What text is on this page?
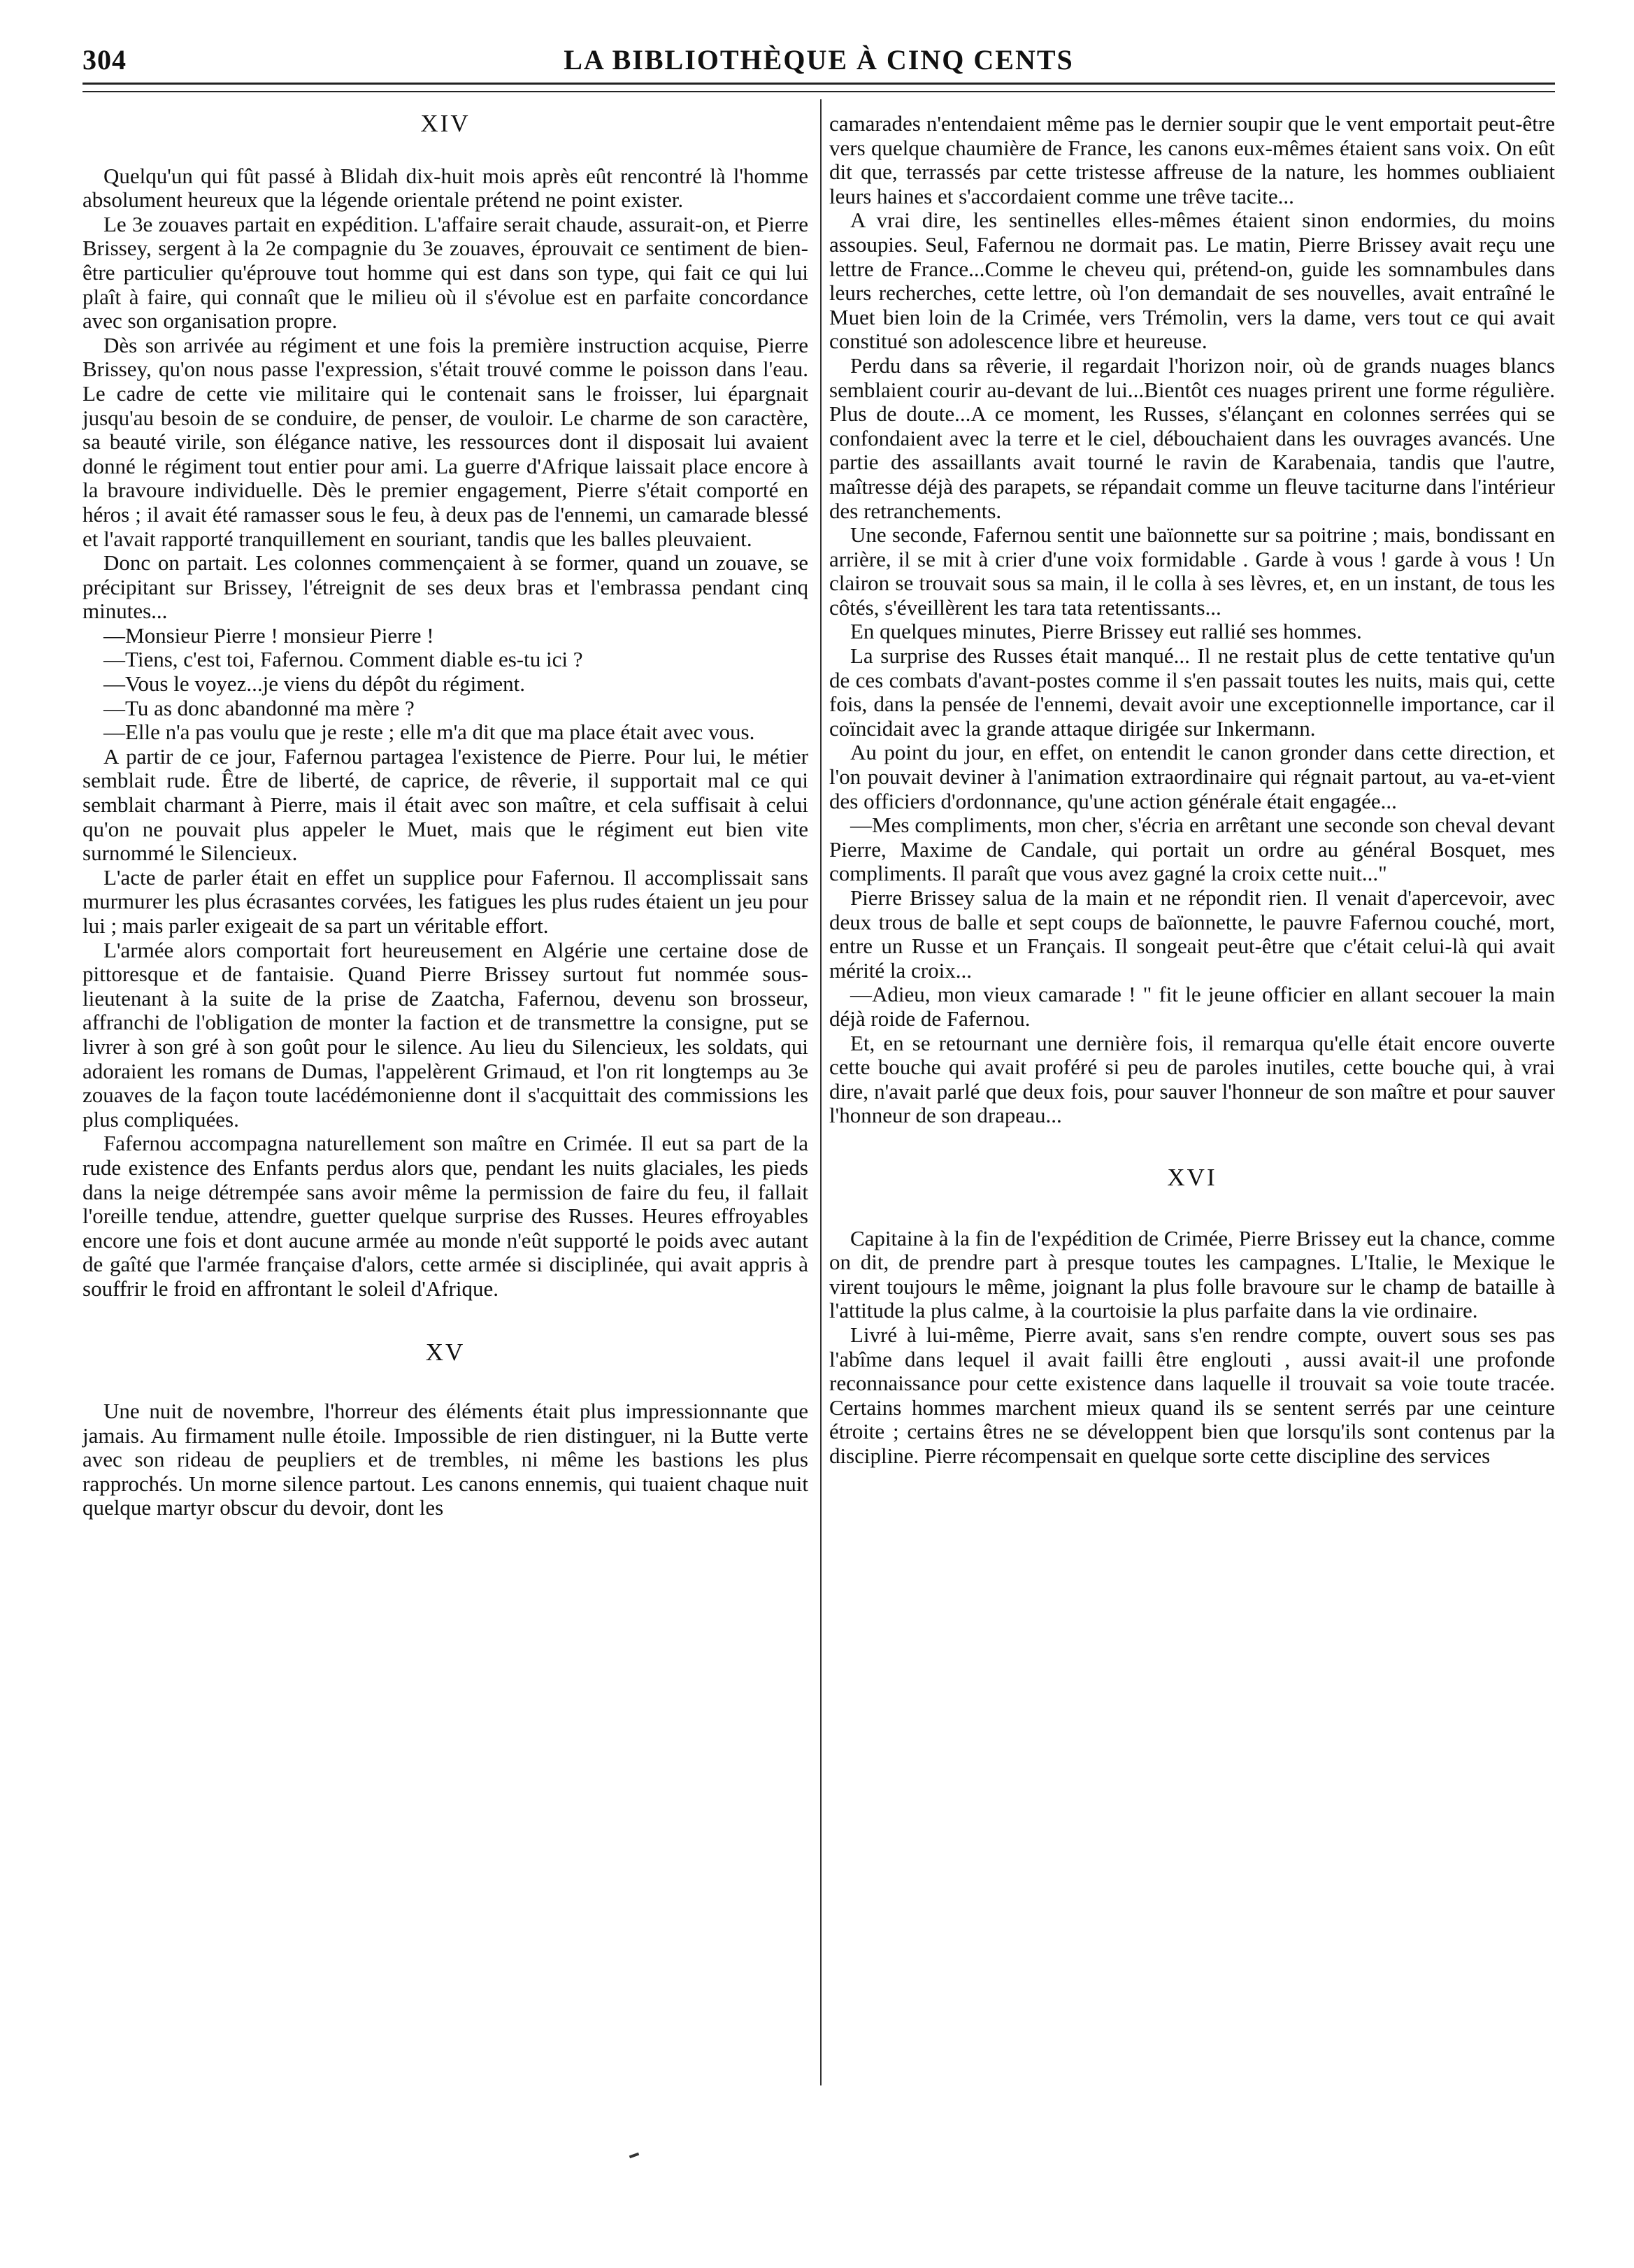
304	LA BIBLIOTHÈQUE À CINQ CENTS
XIV

Quelqu'un qui fût passé à Blidah dix-huit mois après eût rencontré là l'homme absolument heureux que la légende orientale prétend ne point exister.

Le 3e zouaves partait en expédition. L'affaire serait chaude, assurait-on, et Pierre Brissey, sergent à la 2e compagnie du 3e zouaves, éprouvait ce sentiment de bien-être particulier qu'éprouve tout homme qui est dans son type, qui fait ce qui lui plaît à faire, qui connaît que le milieu où il s'évolue est en parfaite concordance avec son organisation propre.

Dès son arrivée au régiment et une fois la première instruction acquise, Pierre Brissey, qu'on nous passe l'expression, s'était trouvé comme le poisson dans l'eau. Le cadre de cette vie militaire qui le contenait sans le froisser, lui épargnait jusqu'au besoin de se conduire, de penser, de vouloir. Le charme de son caractère, sa beauté virile, son élégance native, les ressources dont il disposait lui avaient donné le régiment tout entier pour ami. La guerre d'Afrique laissait place encore à la bravoure individuelle. Dès le premier engagement, Pierre s'était comporté en héros ; il avait été ramasser sous le feu, à deux pas de l'ennemi, un camarade blessé et l'avait rapporté tranquillement en souriant, tandis que les balles pleuvaient.

Donc on partait. Les colonnes commençaient à se former, quand un zouave, se précipitant sur Brissey, l'étreignit de ses deux bras et l'embrassa pendant cinq minutes...

—Monsieur Pierre ! monsieur Pierre !

—Tiens, c'est toi, Fafernou. Comment diable es-tu ici ?

—Vous le voyez...je viens du dépôt du régiment.

—Tu as donc abandonné ma mère ?

—Elle n'a pas voulu que je reste ; elle m'a dit que ma place était avec vous.

A partir de ce jour, Fafernou partagea l'existence de Pierre. Pour lui, le métier semblait rude. Être de liberté, de caprice, de rêverie, il supportait mal ce qui semblait charmant à Pierre, mais il était avec son maître, et cela suffisait à celui qu'on ne pouvait plus appeler le Muet, mais que le régiment eut bien vite surnommé le Silencieux.

L'acte de parler était en effet un supplice pour Fafernou. Il accomplissait sans murmurer les plus écrasantes corvées, les fatigues les plus rudes étaient un jeu pour lui ; mais parler exigeait de sa part un véritable effort.

L'armée alors comportait fort heureusement en Algérie une certaine dose de pittoresque et de fantaisie. Quand Pierre Brissey surtout fut nommée sous-lieutenant à la suite de la prise de Zaatcha, Fafernou, devenu son brosseur, affranchi de l'obligation de monter la faction et de transmettre la consigne, put se livrer à son gré à son goût pour le silence. Au lieu du Silencieux, les soldats, qui adoraient les romans de Dumas, l'appelèrent Grimaud, et l'on rit longtemps au 3e zouaves de la façon toute lacédémonienne dont il s'acquittait des commissions les plus compliquées.

Fafernou accompagna naturellement son maître en Crimée. Il eut sa part de la rude existence des Enfants perdus alors que, pendant les nuits glaciales, les pieds dans la neige détrempée sans avoir même la permission de faire du feu, il fallait l'oreille tendue, attendre, guetter quelque surprise des Russes. Heures effroyables encore une fois et dont aucune armée au monde n'eût supporté le poids avec autant de gaîté que l'armée française d'alors, cette armée si disciplinée, qui avait appris à souffrir le froid en affrontant le soleil d'Afrique.

XV

Une nuit de novembre, l'horreur des éléments était plus impressionnante que jamais. Au firmament nulle étoile. Impossible de rien distinguer, ni la Butte verte avec son rideau de peupliers et de trembles, ni même les bastions les plus rapprochés. Un morne silence partout. Les canons ennemis, qui tuaient chaque nuit quelque martyr obscur du devoir, dont les

camarades n'entendaient même pas le dernier soupir que le vent emportait peut-être vers quelque chaumière de France, les canons eux-mêmes étaient sans voix. On eût dit que, terrassés par cette tristesse affreuse de la nature, les hommes oubliaient leurs haines et s'accordaient comme une trêve tacite...

A vrai dire, les sentinelles elles-mêmes étaient sinon endormies, du moins assoupies. Seul, Fafernou ne dormait pas. Le matin, Pierre Brissey avait reçu une lettre de France...Comme le cheveu qui, prétend-on, guide les somnambules dans leurs recherches, cette lettre, où l'on demandait de ses nouvelles, avait entraîné le Muet bien loin de la Crimée, vers Trémolin, vers la dame, vers tout ce qui avait constitué son adolescence libre et heureuse.

Perdu dans sa rêverie, il regardait l'horizon noir, où de grands nuages blancs semblaient courir au-devant de lui...Bientôt ces nuages prirent une forme régulière. Plus de doute...A ce moment, les Russes, s'élançant en colonnes serrées qui se confondaient avec la terre et le ciel, débouchaient dans les ouvrages avancés. Une partie des assaillants avait tourné le ravin de Karabenaia, tandis que l'autre, maîtresse déjà des parapets, se répandait comme un fleuve taciturne dans l'intérieur des retranchements.

Une seconde, Fafernou sentit une baïonnette sur sa poitrine ; mais, bondissant en arrière, il se mit à crier d'une voix formidable . Garde à vous ! garde à vous ! Un clairon se trouvait sous sa main, il le colla à ses lèvres, et, en un instant, de tous les côtés, s'éveillèrent les tara tata retentissants...

En quelques minutes, Pierre Brissey eut rallié ses hommes.

La surprise des Russes était manqué... Il ne restait plus de cette tentative qu'un de ces combats d'avant-postes comme il s'en passait toutes les nuits, mais qui, cette fois, dans la pensée de l'ennemi, devait avoir une exceptionnelle importance, car il coïncidait avec la grande attaque dirigée sur Inkermann.

Au point du jour, en effet, on entendit le canon gronder dans cette direction, et l'on pouvait deviner à l'animation extraordinaire qui régnait partout, au va-et-vient des officiers d'ordonnance, qu'une action générale était engagée...

—Mes compliments, mon cher, s'écria en arrêtant une seconde son cheval devant Pierre, Maxime de Candale, qui portait un ordre au général Bosquet, mes compliments. Il paraît que vous avez gagné la croix cette nuit..."

Pierre Brissey salua de la main et ne répondit rien. Il venait d'apercevoir, avec deux trous de balle et sept coups de baïonnette, le pauvre Fafernou couché, mort, entre un Russe et un Français. Il songeait peut-être que c'était celui-là qui avait mérité la croix...

—Adieu, mon vieux camarade ! " fit le jeune officier en allant secouer la main déjà roide de Fafernou.

Et, en se retournant une dernière fois, il remarqua qu'elle était encore ouverte cette bouche qui avait proféré si peu de paroles inutiles, cette bouche qui, à vrai dire, n'avait parlé que deux fois, pour sauver l'honneur de son maître et pour sauver l'honneur de son drapeau...

XVI

Capitaine à la fin de l'expédition de Crimée, Pierre Brissey eut la chance, comme on dit, de prendre part à presque toutes les campagnes. L'Italie, le Mexique le virent toujours le même, joignant la plus folle bravoure sur le champ de bataille à l'attitude la plus calme, à la courtoisie la plus parfaite dans la vie ordinaire.

Livré à lui-même, Pierre avait, sans s'en rendre compte, ouvert sous ses pas l'abîme dans lequel il avait failli être englouti , aussi avait-il une profonde reconnaissance pour cette existence dans laquelle il trouvait sa voie toute tracée. Certains hommes marchent mieux quand ils se sentent serrés par une ceinture étroite ; certains êtres ne se développent bien que lorsqu'ils sont contenus par la discipline. Pierre récompensait en quelque sorte cette discipline des services
